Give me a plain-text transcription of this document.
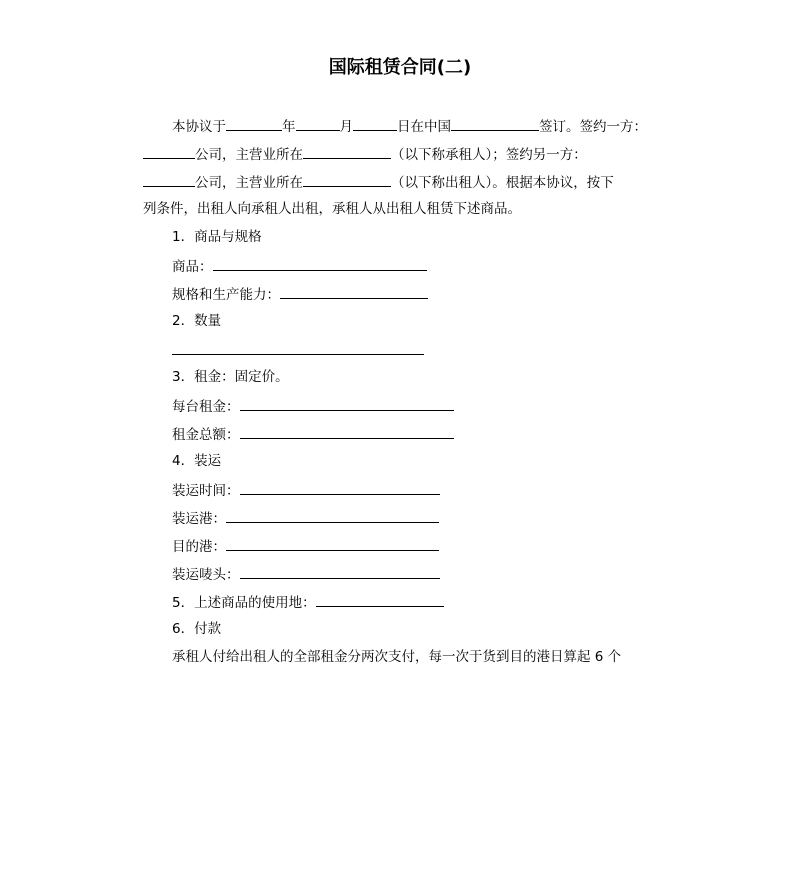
国际租赁合同(二)
本协议于	年	月	日在中国	签订。签约一方：
公司，主营业所在	（以下称承租人）；签约另一方：
公司，主营业所在	（以下称出租人）。根据本协议，按下
列条件，出租人向承租人出租，承租人从出租人租赁下述商品。
1．商品与规格
商品：
规格和生产能力：
2．数量
3．租金：固定价。
每台租金：
租金总额：
4．装运
装运时间：
装运港：
目的港：
装运唛头：
5．上述商品的使用地：
6．付款
承租人付给出租人的全部租金分两次支付，每一次于货到目的港日算起 6 个
